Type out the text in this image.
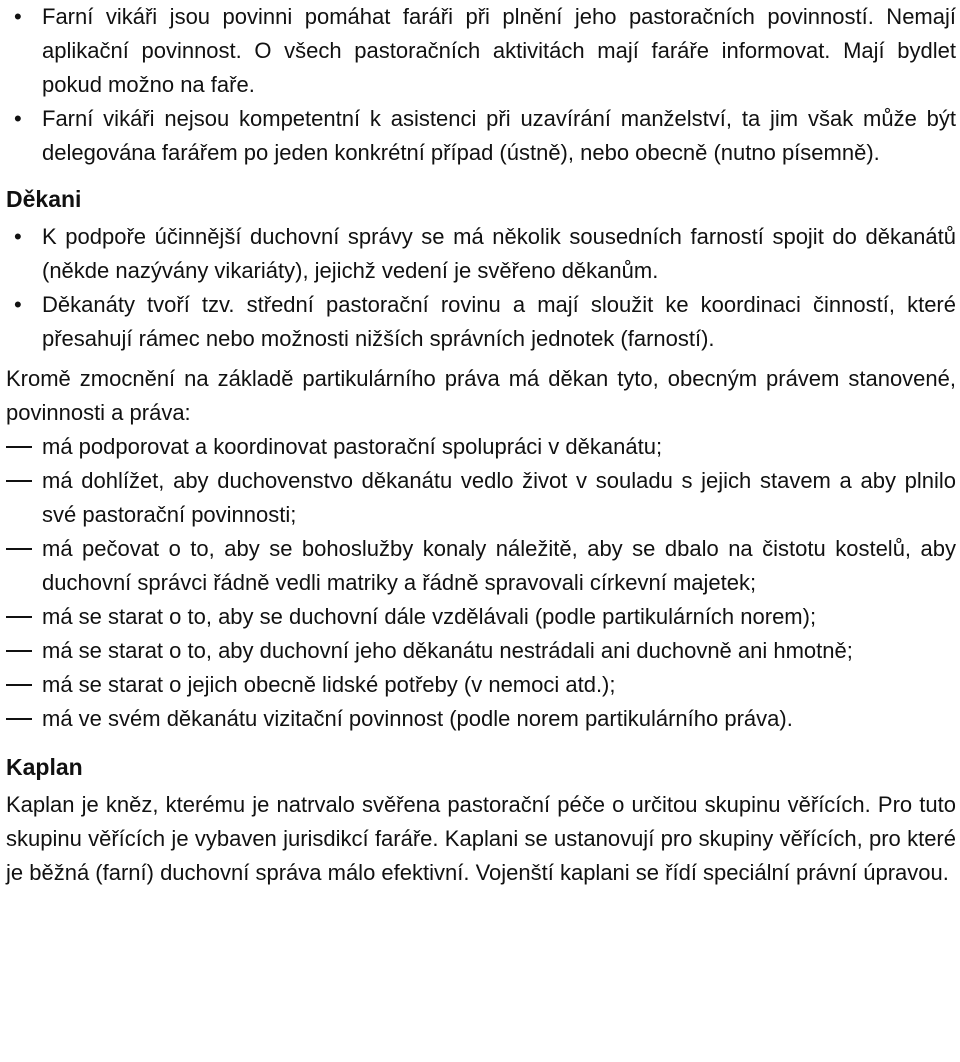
• Farní vikáři jsou povinni pomáhat faráři při plnění jeho pastoračních povinností. Nemají aplikační povinnost. O všech pastoračních aktivitách mají faráře informovat. Mají bydlet pokud možno na faře.
• Farní vikáři nejsou kompetentní k asistenci při uzavírání manželství, ta jim však může být delegována farářem po jeden konkrétní případ (ústně), nebo obecně (nutno písemně).
Děkani
• K podpoře účinnější duchovní správy se má několik sousedních farností spojit do děkanátů (někde nazývány vikariáty), jejichž vedení je svěřeno děkanům.
• Děkanáty tvoří tzv. střední pastorační rovinu a mají sloužit ke koordinaci činností, které přesahují rámec nebo možnosti nižších správních jednotek (farností).

Kromě zmocnění na základě partikulárního práva má děkan tyto, obecným právem stanovené, povinnosti a práva:

má podporovat a koordinovat pastorační spolupráci v děkanátu;
má dohlížet, aby duchovenstvo děkanátu vedlo život v souladu s jejich stavem a aby plnilo své pastorační povinnosti;
má pečovat o to, aby se bohoslužby konaly náležitě, aby se dbalo na čistotu kostelů, aby duchovní správci řádně vedli matriky a řádně spravovali církevní majetek;
má se starat o to, aby se duchovní dále vzdělávali (podle partikulárních norem);
má se starat o to, aby duchovní jeho děkanátu nestrádali ani duchovně ani hmotně;
má se starat o jejich obecně lidské potřeby (v nemoci atd.);
má ve svém děkanátu vizitační povinnost (podle norem partikulárního práva).
Kaplan

Kaplan je kněz, kterému je natrvalo svěřena pastorační péče o určitou skupinu věřících. Pro tuto skupinu věřících je vybaven jurisdikcí faráře. Kaplani se ustanovují pro skupiny věřících, pro které je běžná (farní) duchovní správa málo efektivní. Vojenští kaplani se řídí speciální právní úpravou.
